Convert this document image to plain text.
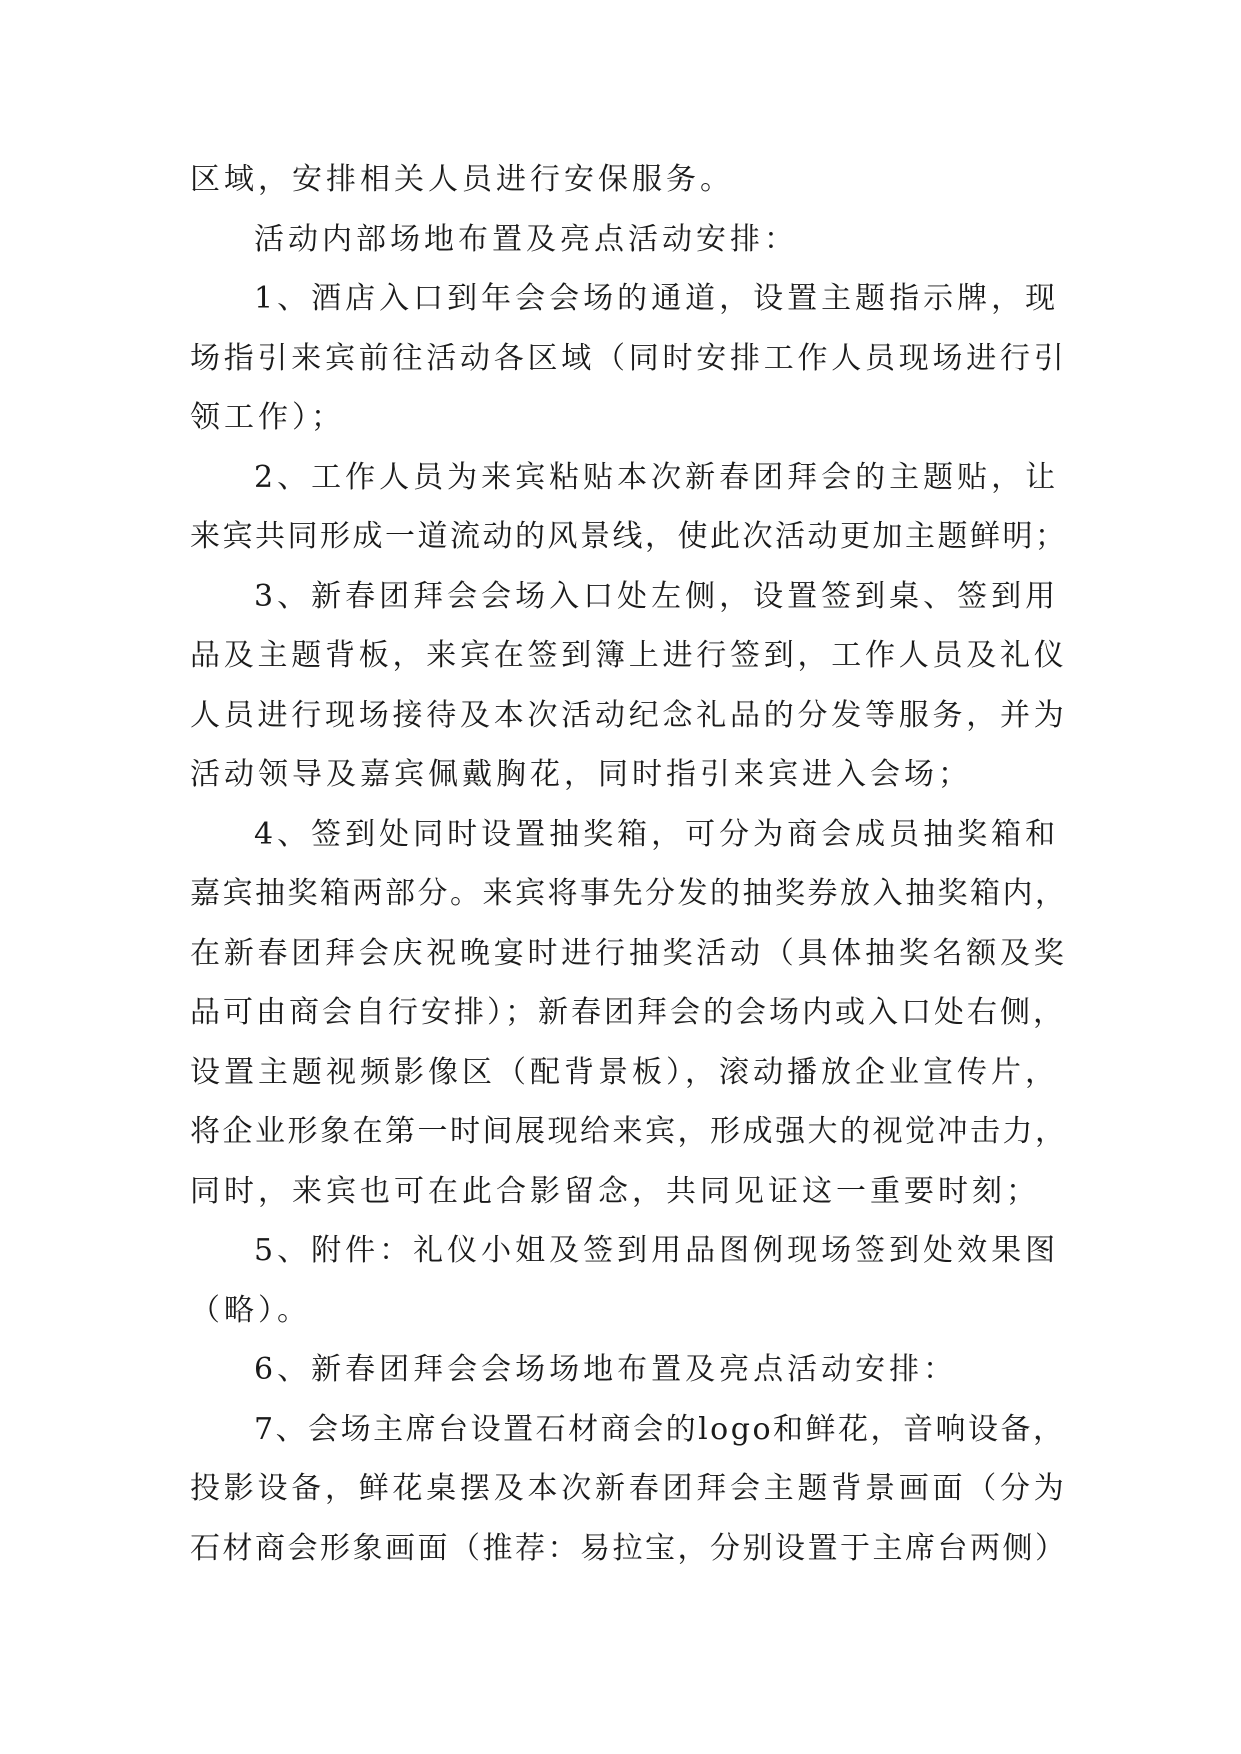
区域，安排相关人员进行安保服务。
活动内部场地布置及亮点活动安排：
1、酒店入口到年会会场的通道，设置主题指示牌，现
场指引来宾前往活动各区域（同时安排工作人员现场进行引
领工作）；
2、工作人员为来宾粘贴本次新春团拜会的主题贴，让
来宾共同形成一道流动的风景线，使此次活动更加主题鲜明；
3、新春团拜会会场入口处左侧，设置签到桌、签到用
品及主题背板，来宾在签到簿上进行签到，工作人员及礼仪
人员进行现场接待及本次活动纪念礼品的分发等服务，并为
活动领导及嘉宾佩戴胸花，同时指引来宾进入会场；
4、签到处同时设置抽奖箱，可分为商会成员抽奖箱和
嘉宾抽奖箱两部分。来宾将事先分发的抽奖券放入抽奖箱内，
在新春团拜会庆祝晚宴时进行抽奖活动（具体抽奖名额及奖
品可由商会自行安排）；新春团拜会的会场内或入口处右侧，
设置主题视频影像区（配背景板），滚动播放企业宣传片，
将企业形象在第一时间展现给来宾，形成强大的视觉冲击力，
同时，来宾也可在此合影留念，共同见证这一重要时刻；
5、附件：礼仪小姐及签到用品图例现场签到处效果图
（略）。
6、新春团拜会会场场地布置及亮点活动安排：
7、会场主席台设置石材商会的logo和鲜花，音响设备，
投影设备，鲜花桌摆及本次新春团拜会主题背景画面（分为
石材商会形象画面（推荐：易拉宝，分别设置于主席台两侧）
